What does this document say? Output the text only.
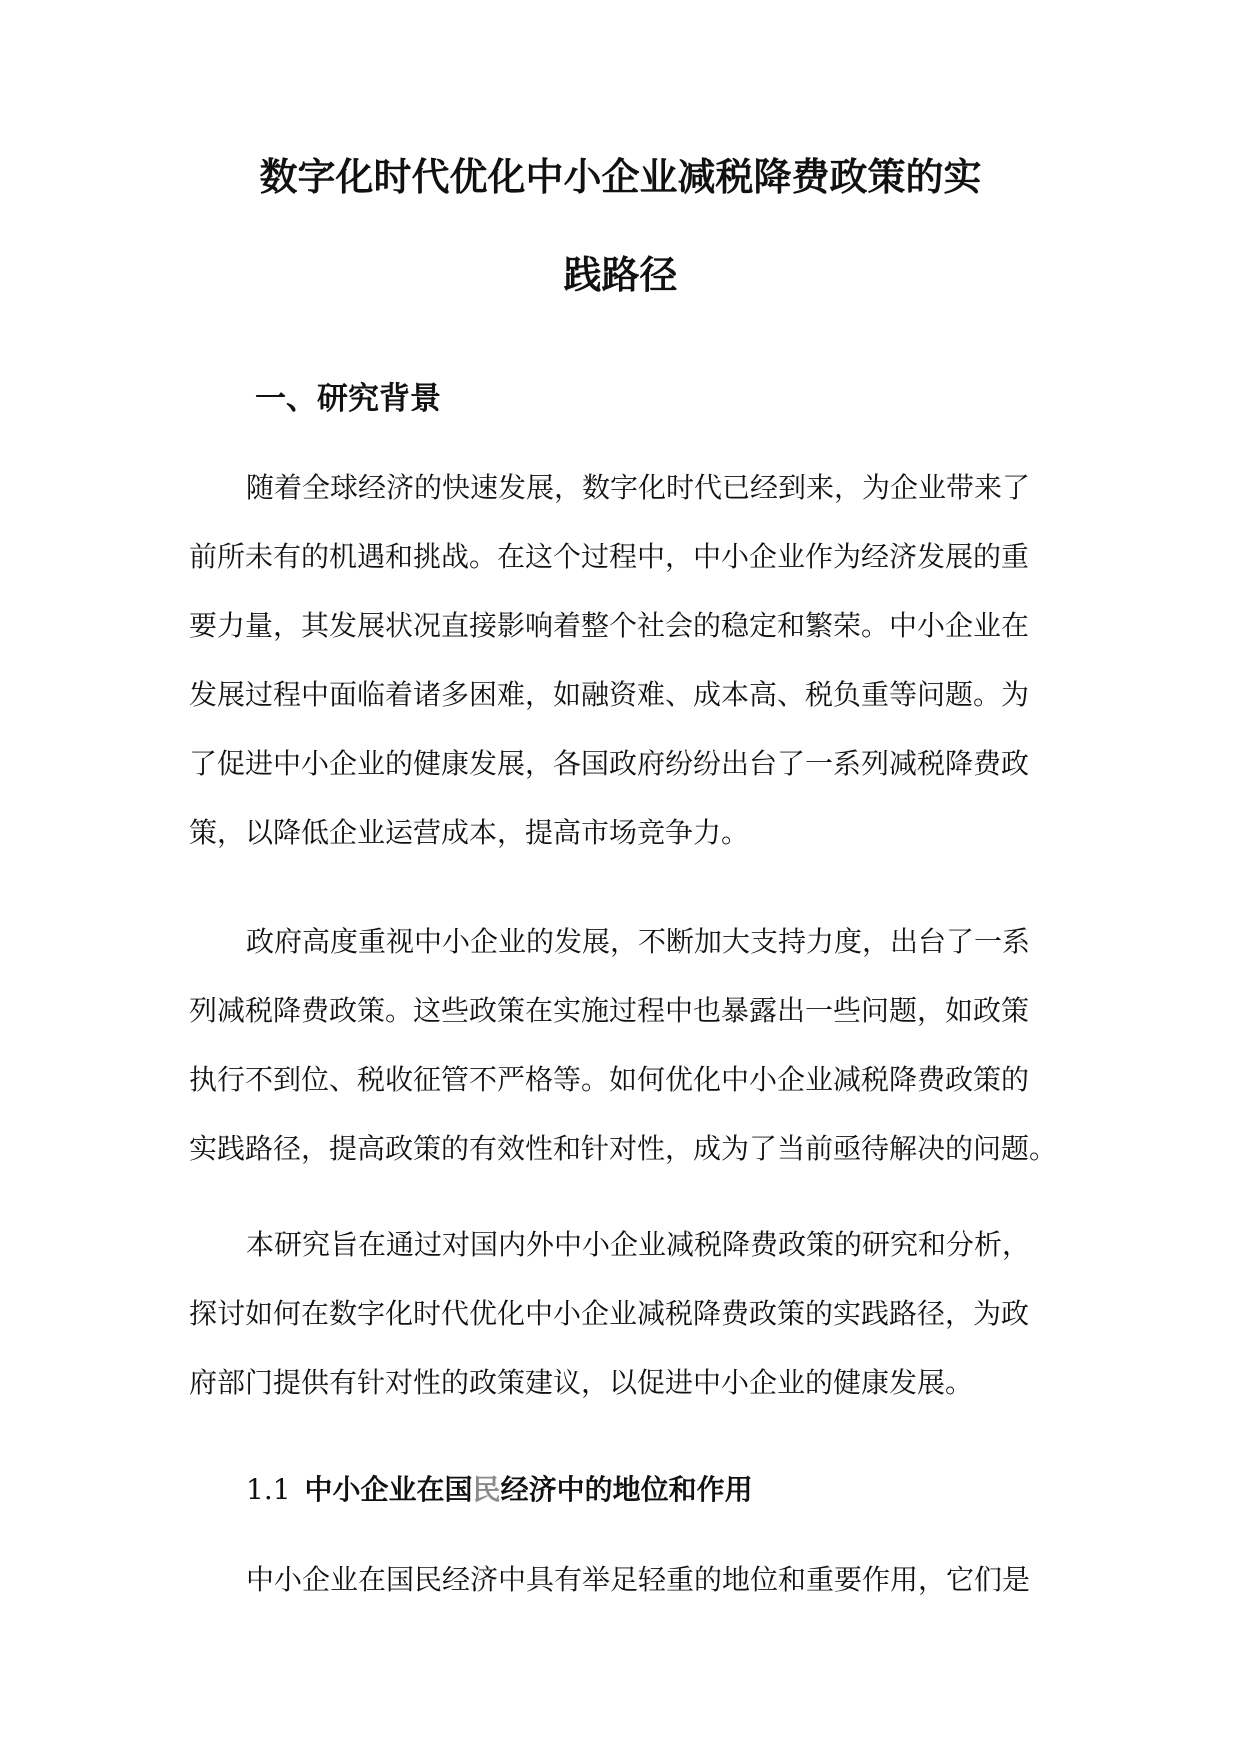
数字化时代优化中小企业减税降费政策的实
践路径
一、研究背景
随着全球经济的快速发展，数字化时代已经到来，为企业带来了
前所未有的机遇和挑战。在这个过程中，中小企业作为经济发展的重
要力量，其发展状况直接影响着整个社会的稳定和繁荣。中小企业在
发展过程中面临着诸多困难，如融资难、成本高、税负重等问题。为
了促进中小企业的健康发展，各国政府纷纷出台了一系列减税降费政
策，以降低企业运营成本，提高市场竞争力。
政府高度重视中小企业的发展，不断加大支持力度，出台了一系
列减税降费政策。这些政策在实施过程中也暴露出一些问题，如政策
执行不到位、税收征管不严格等。如何优化中小企业减税降费政策的
实践路径，提高政策的有效性和针对性，成为了当前亟待解决的问题。
本研究旨在通过对国内外中小企业减税降费政策的研究和分析，
探讨如何在数字化时代优化中小企业减税降费政策的实践路径，为政
府部门提供有针对性的政策建议，以促进中小企业的健康发展。
1.1 中小企业在国民经济中的地位和作用
中小企业在国民经济中具有举足轻重的地位和重要作用，它们是
